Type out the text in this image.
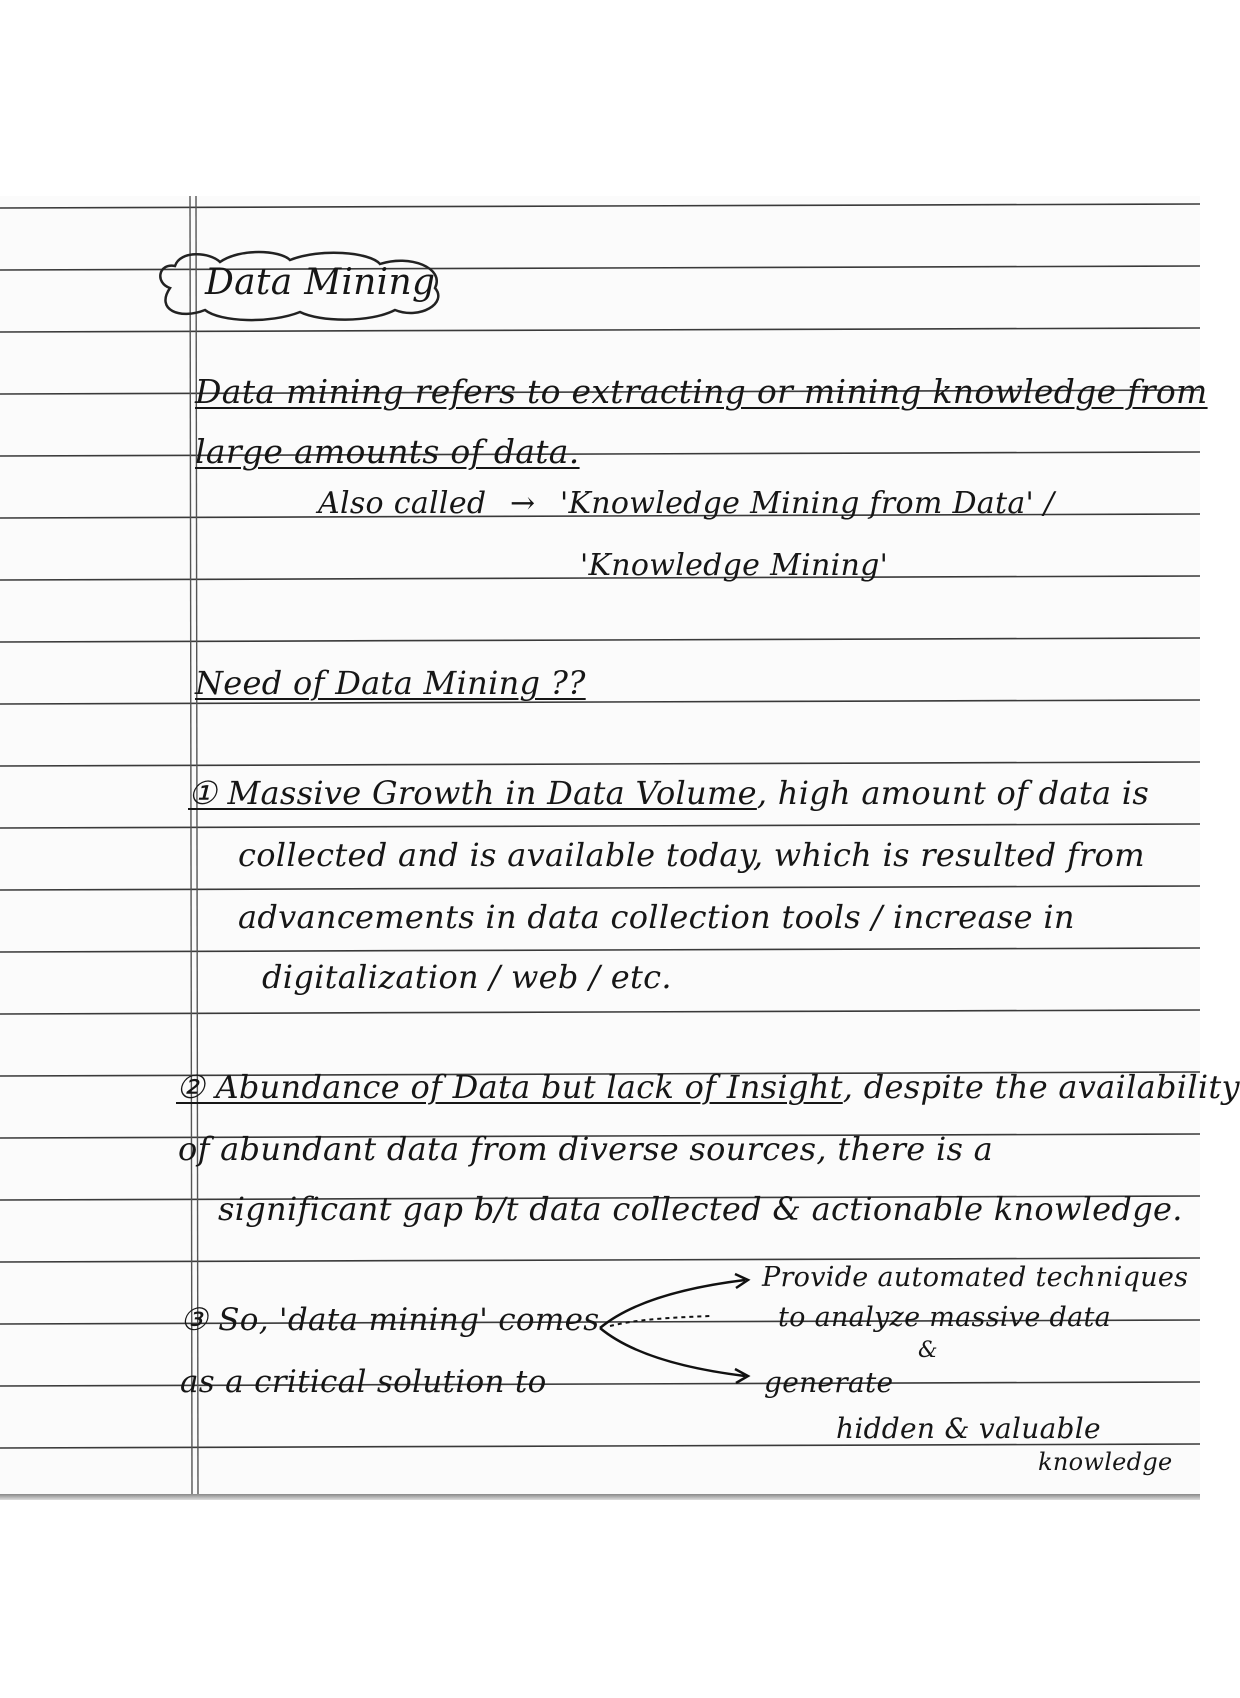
Data Mining
Data mining refers to extracting or mining knowledge from
large amounts of data.
Also called → 'Knowledge Mining from Data' /
'Knowledge Mining'
Need of Data Mining ??
① Massive Growth in Data Volume, high amount of data is
collected and is available today, which is resulted from
advancements in data collection tools / increase in
digitalization / web / etc.
② Abundance of Data but lack of Insight, despite the availability
of abundant data from diverse sources, there is a
significant gap b/t data collected & actionable knowledge.
③ So, 'data mining' comes
as a critical solution to
Provide automated techniques
to analyze massive data
&
generate
hidden & valuable
knowledge
